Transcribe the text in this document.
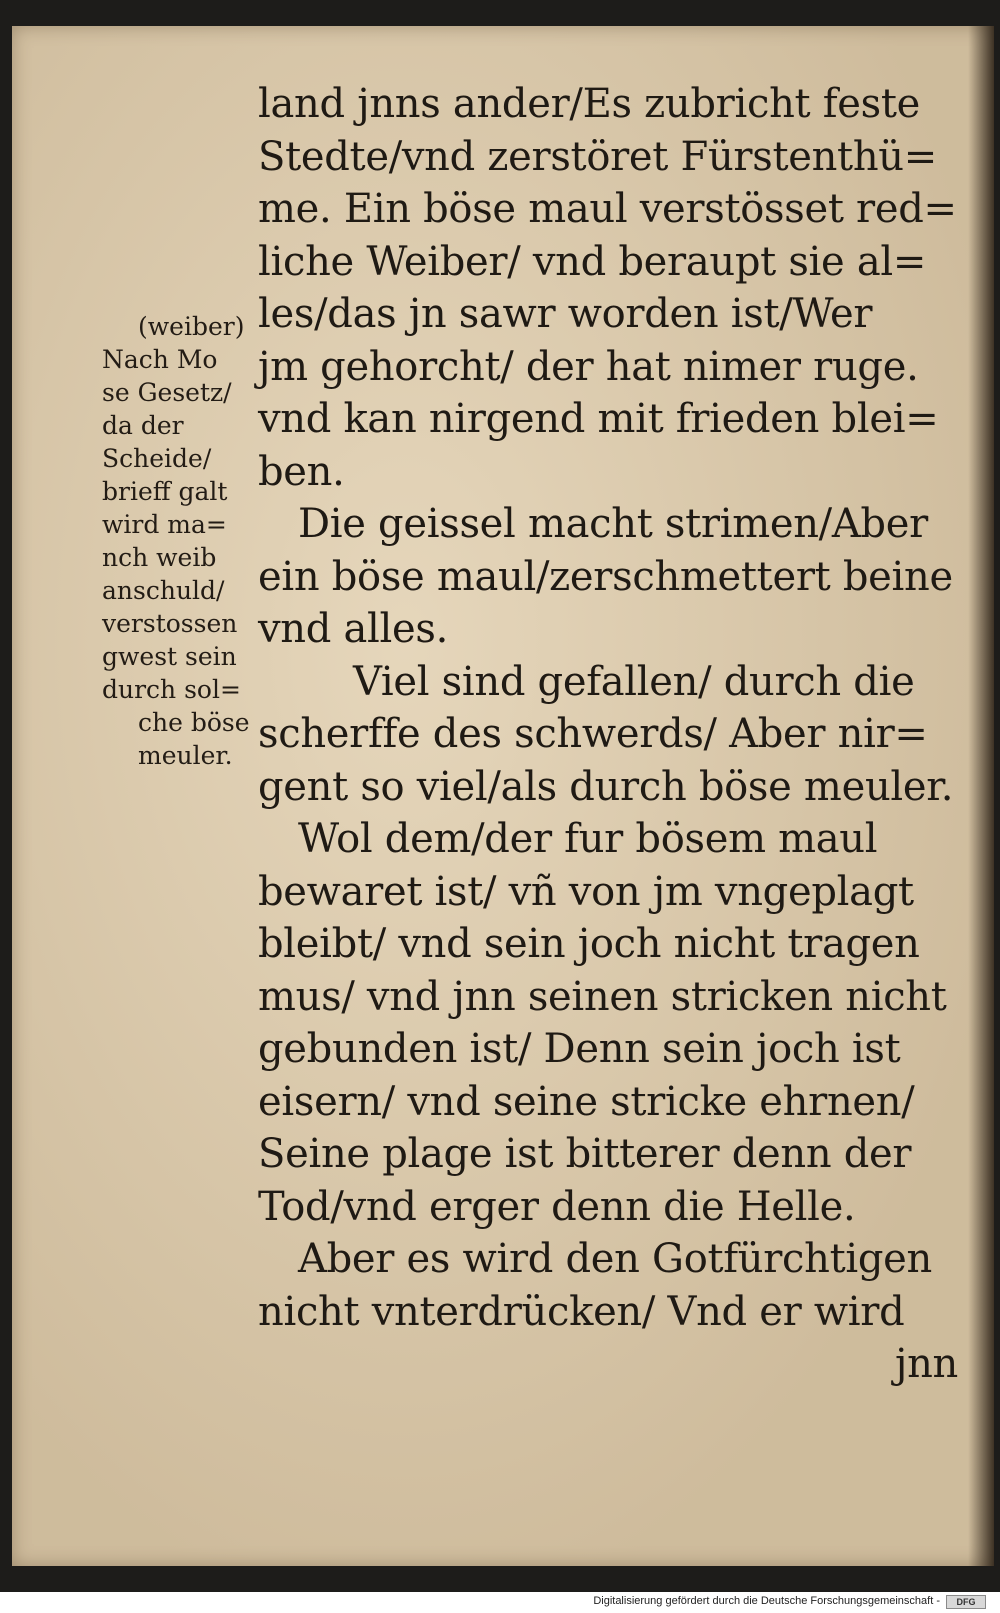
land jnns ander/Es zubricht feste

Stedte/vnd zerstöret Fürstenthü=

me. Ein böse maul verstösset red=

liche Weiber/ vnd beraupt sie al=

les/das jn sawr worden ist/Wer

jm gehorcht/ der hat nimer ruge.

vnd kan nirgend mit frieden blei=

ben.

Die geissel macht strimen/Aber

ein böse maul/zerschmettert beine

vnd alles.

Viel sind gefallen/ durch die

scherffe des schwerds/ Aber nir=

gent so viel/als durch böse meuler.

Wol dem/der fur bösem maul

bewaret ist/ vñ von jm vngeplagt

bleibt/ vnd sein joch nicht tragen

mus/ vnd jnn seinen stricken nicht

gebunden ist/ Denn sein joch ist

eisern/ vnd seine stricke ehrnen/

Seine plage ist bitterer denn der

Tod/vnd erger denn die Helle.

Aber es wird den Gotfürchtigen

nicht vnterdrücken/ Vnd er wird

jnn

(weiber)

Nach Mo

se Gesetz/

da der

Scheide/

brieff galt

wird ma=

nch weib

anschuld/

verstossen

gwest sein

durch sol=

che böse

meuler.

Digitalisierung gefördert durch die Deutsche Forschungsgemeinschaft -	DFG
